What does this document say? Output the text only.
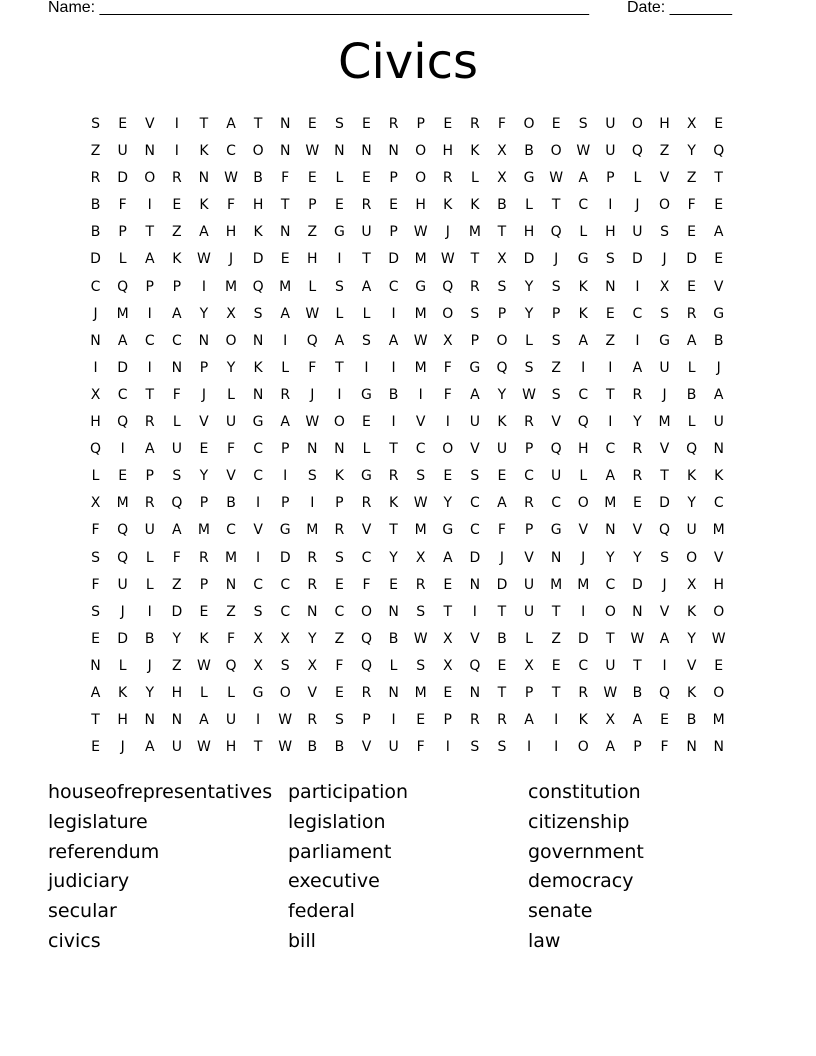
Name: _______________________________________________________ Date: _______
Civics
S	E	V	I	T	A	T	N	E	S	E	R	P	E	R	F	O	E	S	U	O	H	X	E
Z	U	N	I	K	C	O	N	W	N	N	N	O	H	K	X	B	O	W	U	Q	Z	Y	Q
R	D	O	R	N	W	B	F	E	L	E	P	O	R	L	X	G	W	A	P	L	V	Z	T
B	F	I	E	K	F	H	T	P	E	R	E	H	K	K	B	L	T	C	I	J	O	F	E
B	P	T	Z	A	H	K	N	Z	G	U	P	W	J	M	T	H	Q	L	H	U	S	E	A
D	L	A	K	W	J	D	E	H	I	T	D	M	W	T	X	D	J	G	S	D	J	D	E
C	Q	P	P	I	M	Q	M	L	S	A	C	G	Q	R	S	Y	S	K	N	I	X	E	V
J	M	I	A	Y	X	S	A	W	L	L	I	M	O	S	P	Y	P	K	E	C	S	R	G
N	A	C	C	N	O	N	I	Q	A	S	A	W	X	P	O	L	S	A	Z	I	G	A	B
I	D	I	N	P	Y	K	L	F	T	I	I	M	F	G	Q	S	Z	I	I	A	U	L	J
X	C	T	F	J	L	N	R	J	I	G	B	I	F	A	Y	W	S	C	T	R	J	B	A
H	Q	R	L	V	U	G	A	W	O	E	I	V	I	U	K	R	V	Q	I	Y	M	L	U
Q	I	A	U	E	F	C	P	N	N	L	T	C	O	V	U	P	Q	H	C	R	V	Q	N
L	E	P	S	Y	V	C	I	S	K	G	R	S	E	S	E	C	U	L	A	R	T	K	K
X	M	R	Q	P	B	I	P	I	P	R	K	W	Y	C	A	R	C	O	M	E	D	Y	C
F	Q	U	A	M	C	V	G	M	R	V	T	M	G	C	F	P	G	V	N	V	Q	U	M
S	Q	L	F	R	M	I	D	R	S	C	Y	X	A	D	J	V	N	J	Y	Y	S	O	V
F	U	L	Z	P	N	C	C	R	E	F	E	R	E	N	D	U	M	M	C	D	J	X	H
S	J	I	D	E	Z	S	C	N	C	O	N	S	T	I	T	U	T	I	O	N	V	K	O
E	D	B	Y	K	F	X	X	Y	Z	Q	B	W	X	V	B	L	Z	D	T	W	A	Y	W
N	L	J	Z	W	Q	X	S	X	F	Q	L	S	X	Q	E	X	E	C	U	T	I	V	E
A	K	Y	H	L	L	G	O	V	E	R	N	M	E	N	T	P	T	R	W	B	Q	K	O
T	H	N	N	A	U	I	W	R	S	P	I	E	P	R	R	A	I	K	X	A	E	B	M
E	J	A	U	W	H	T	W	B	B	V	U	F	I	S	S	I	I	O	A	P	F	N	N
houseofrepresentatives participation	constitution
legislature	legislation	citizenship
referendum	parliament	government
judiciary	executive	democracy
secular	federal	senate
civics	bill	law
